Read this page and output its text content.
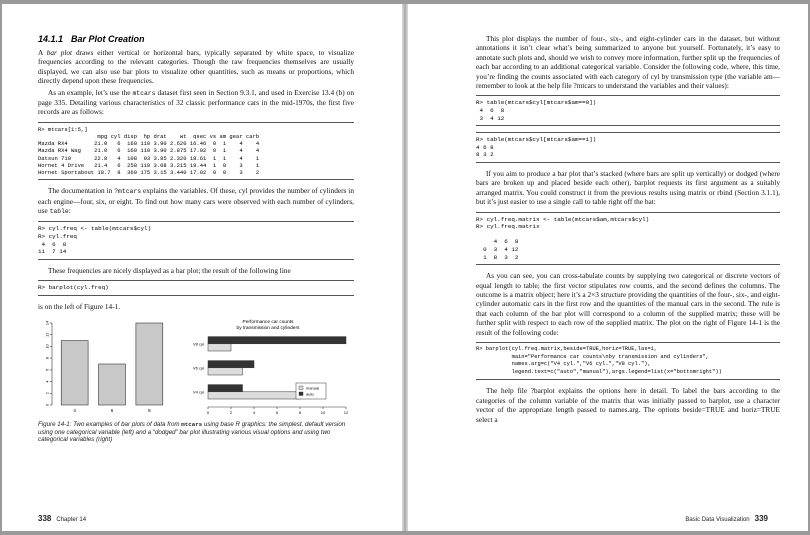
14.1.1 Bar Plot Creation

A bar plot draws either vertical or horizontal bars, typically separated by white space, to visualize frequencies according to the relevant categories. Though the raw frequencies themselves are usually displayed, we can also use bar plots to visualize other quantities, such as means or proportions, which directly depend upon these frequencies.

As an example, let’s use the mtcars dataset first seen in Section 9.3.1, and used in Exercise 13.4 (b) on page 335. Detailing various characteristics of 32 classic performance cars in the mid-1970s, the first five records are as follows:

R> mtcars[1:5,]
mpg cyl disp  hp drat    wt  qsec vs am gear carb
Mazda RX4        21.0   6  160 110 3.90 2.620 16.46  0  1    4    4
Mazda RX4 Wag    21.0   6  160 110 3.90 2.875 17.02  0  1    4    4
Datsun 710       22.8   4  108  93 3.85 2.320 18.61  1  1    4    1
Hornet 4 Drive   21.4   6  258 110 3.08 3.215 19.44  1  0    3    1
Hornet Sportabout 18.7  8  360 175 3.15 3.440 17.02  0  0    3    2

The documentation in ?mtcars explains the variables. Of these, cyl provides the number of cylinders in each engine—four, six, or eight. To find out how many cars were observed with each number of cylinders, use table:

R> cyl.freq <- table(mtcars$cyl)
R> cyl.freq
4  6  8
11  7 14

These frequencies are nicely displayed as a bar plot; the result of the following line

R> barplot(cyl.freq)

is on the left of Figure 14-1.

0
2
4
6
8
10
12
14
4	6	8
Performance car counts
by transmission and cylinders
V4 cyl.
V6 cyl.
V8 cyl.
0	2	4	6	8	10	12
manual
auto
Figure 14-1: Two examples of bar plots of data from mtcars using base R graphics: the simplest, default version using one categorical variable (left) and a “dodged” bar plot illustrating various visual options and using two categorical variables (right)
338 Chapter 14

This plot displays the number of four-, six-, and eight-cylinder cars in the dataset, but without annotations it isn’t clear what’s being summarized to anyone but yourself. Fortunately, it’s easy to annotate such plots and, should we wish to convey more information, further split up the frequencies of each bar according to an additional categorical variable. Consider the following code, where, this time, you’re finding the counts associated with each category of cyl by transmission type (the variable am—remember to look at the help file ?mtcars to understand the variables and their values):

R> table(mtcars$cyl[mtcars$am==0])
4  6  8
3  4 12
R> table(mtcars$cyl[mtcars$am==1])
4 6 8
8 3 2

If you aim to produce a bar plot that’s stacked (where bars are split up vertically) or dodged (where bars are broken up and placed beside each other), barplot requests its first argument as a suitably arranged matrix. You could construct it from the previous results using matrix or rbind (Section 3.1.1), but it’s just easier to use a single call to table right off the bat:

R> cyl.freq.matrix <- table(mtcars$am,mtcars$cyl)
R> cyl.freq.matrix

4  6  8
0  3  4 12
1  8  3  2

As you can see, you can cross-tabulate counts by supplying two categorical or discrete vectors of equal length to table; the first vector stipulates row counts, and the second defines the columns. The outcome is a matrix object; here it’s a 2×3 structure providing the quantities of the four-, six-, and eight-cylinder automatic cars in the first row and the quantities of the manual cars in the second. The rule is that each column of the bar plot will correspond to a column of the supplied matrix; these will be further split with respect to each row of the supplied matrix. The plot on the right of Figure 14-1 is the result of the following code:

R> barplot(cyl.freq.matrix,beside=TRUE,horiz=TRUE,las=1,
main="Performance car counts\nby transmission and cylinders",
names.arg=c("V4 cyl.","V6 cyl.","V8 cyl."),
legend.text=c("auto","manual"),args.legend=list(x="bottomright"))

The help file ?barplot explains the options here in detail. To label the bars according to the categories of the column variable of the matrix that was initially passed to barplot, use a character vector of the appropriate length passed to names.arg. The options beside=TRUE and horiz=TRUE select a

Basic Data Visualization 339
